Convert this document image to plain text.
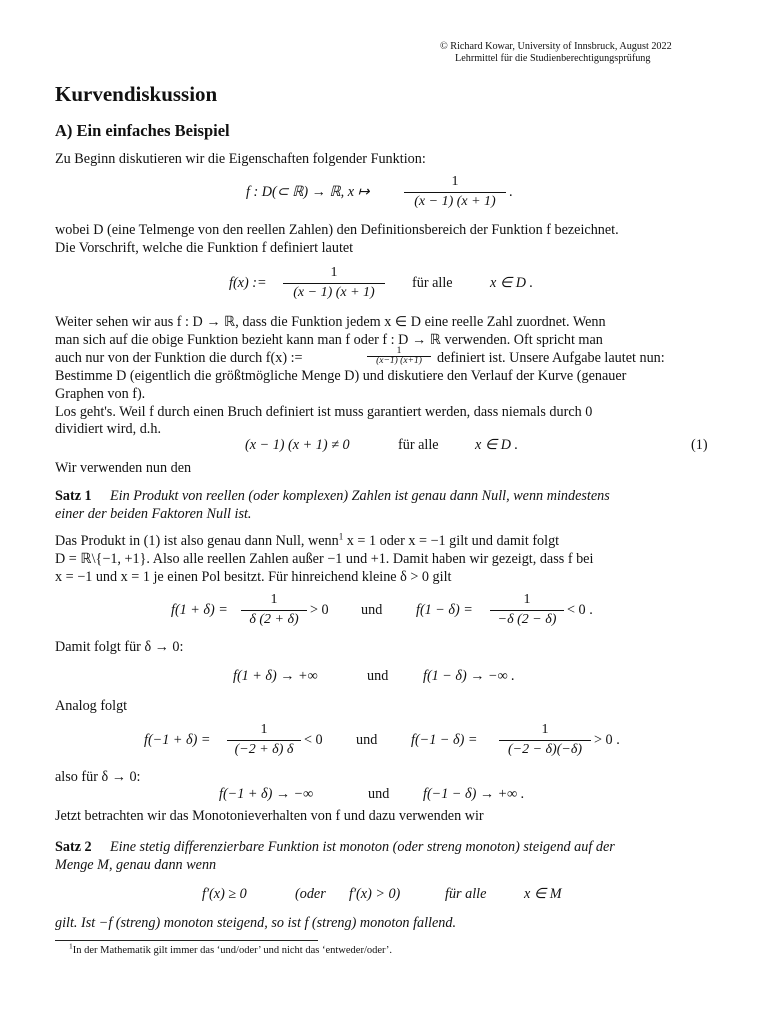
© Richard Kowar, University of Innsbruck, August 2022
Lehrmittel für die Studienberechtigungsprüfung
Kurvendiskussion
A) Ein einfaches Beispiel
Zu Beginn diskutieren wir die Eigenschaften folgender Funktion:
f : D(⊂ ℝ) → ℝ, x ↦
1
(x − 1) (x + 1)
.
wobei D (eine Telmenge von den reellen Zahlen) den Definitionsbereich der Funktion f bezeichnet.
Die Vorschrift, welche die Funktion f definiert lautet
f(x) :=
1
(x − 1) (x + 1)
für alle	x ∈ D .
Weiter sehen wir aus f : D → ℝ, dass die Funktion jedem x ∈ D eine reelle Zahl zuordnet. Wenn
man sich auf die obige Funktion bezieht kann man f oder f : D → ℝ verwenden. Oft spricht man
auch nur von der Funktion die durch f(x) :=	1
(x−1) (x+1)	definiert ist. Unsere Aufgabe lautet nun:
Bestimme D (eigentlich die größtmögliche Menge D) und diskutiere den Verlauf der Kurve (genauer
Graphen von f).
Los geht's. Weil f durch einen Bruch definiert ist muss garantiert werden, dass niemals durch 0
dividiert wird, d.h.
(x − 1) (x + 1) ≠ 0	für alle	x ∈ D .	(1)
Wir verwenden nun den
Satz 1 Ein Produkt von reellen (oder komplexen) Zahlen ist genau dann Null, wenn mindestens
einer der beiden Faktoren Null ist.
Das Produkt in (1) ist also genau dann Null, wenn$^1$ x = 1 oder x = −1 gilt und damit folgt
D = ℝ\{−1, +1}. Also alle reellen Zahlen außer −1 und +1. Damit haben wir gezeigt, dass f bei
x = −1 und x = 1 je einen Pol besitzt. Für hinreichend kleine δ > 0 gilt
f(1 + δ) =
1
δ (2 + δ)
> 0 und f(1 − δ) =
1
−δ (2 − δ)
< 0 .
Damit folgt für δ → 0:
f(1 + δ) → +∞	und f(1 − δ) → −∞ .
Analog folgt
f(−1 + δ) =
1
(−2 + δ) δ
< 0 und f(−1 − δ) =
1
(−2 − δ)(−δ)
> 0 .
also für δ → 0:
f(−1 + δ) → −∞	und f(−1 − δ) → +∞ .
Jetzt betrachten wir das Monotonieverhalten von f und dazu verwenden wir
Satz 2 Eine stetig differenzierbare Funktion ist monoton (oder streng monoton) steigend auf der
Menge M, genau dann wenn
f′(x) ≥ 0	(oder f′(x) > 0)	für alle	x ∈ M
gilt. Ist −f (streng) monoton steigend, so ist f (streng) monoton fallend.
$^1$In der Mathematik gilt immer das ‘und/oder’ und nicht das ‘entweder/oder’.
